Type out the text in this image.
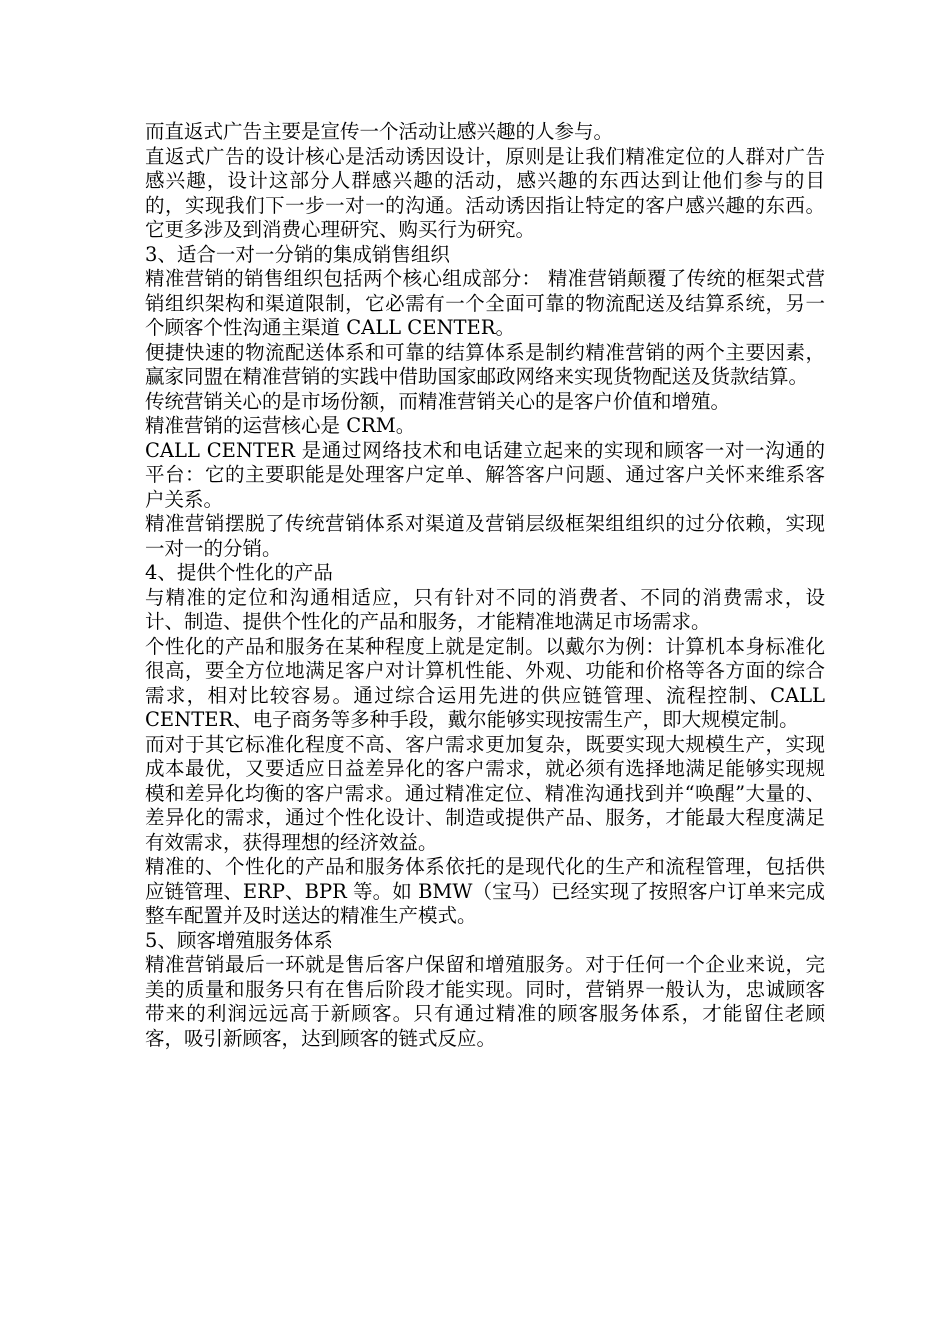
而直返式广告主要是宣传一个活动让感兴趣的人参与。

直返式广告的设计核心是活动诱因设计，原则是让我们精准定位的人群对广告感兴趣，设计这部分人群感兴趣的活动，感兴趣的东西达到让他们参与的目的，实现我们下一步一对一的沟通。活动诱因指让特定的客户感兴趣的东西。它更多涉及到消费心理研究、购买行为研究。

3、适合一对一分销的集成销售组织

精准营销的销售组织包括两个核心组成部分： 精准营销颠覆了传统的框架式营销组织架构和渠道限制，它必需有一个全面可靠的物流配送及结算系统，另一个顾客个性沟通主渠道 CALL CENTER。

便捷快速的物流配送体系和可靠的结算体系是制约精准营销的两个主要因素，赢家同盟在精准营销的实践中借助国家邮政网络来实现货物配送及货款结算。

传统营销关心的是市场份额，而精准营销关心的是客户价值和增殖。

精准营销的运营核心是 CRM。

CALL CENTER 是通过网络技术和电话建立起来的实现和顾客一对一沟通的平台：它的主要职能是处理客户定单、解答客户问题、通过客户关怀来维系客户关系。

精准营销摆脱了传统营销体系对渠道及营销层级框架组组织的过分依赖，实现一对一的分销。

4、提供个性化的产品

与精准的定位和沟通相适应，只有针对不同的消费者、不同的消费需求，设计、制造、提供个性化的产品和服务，才能精准地满足市场需求。

个性化的产品和服务在某种程度上就是定制。以戴尔为例：计算机本身标准化很高，要全方位地满足客户对计算机性能、外观、功能和价格等各方面的综合需求，相对比较容易。通过综合运用先进的供应链管理、流程控制、CALL CENTER、电子商务等多种手段，戴尔能够实现按需生产，即大规模定制。

而对于其它标准化程度不高、客户需求更加复杂，既要实现大规模生产，实现成本最优，又要适应日益差异化的客户需求，就必须有选择地满足能够实现规模和差异化均衡的客户需求。通过精准定位、精准沟通找到并“唤醒”大量的、差异化的需求，通过个性化设计、制造或提供产品、服务，才能最大程度满足有效需求，获得理想的经济效益。

精准的、个性化的产品和服务体系依托的是现代化的生产和流程管理，包括供应链管理、ERP、BPR 等。如 BMW（宝马）已经实现了按照客户订单来完成整车配置并及时送达的精准生产模式。

5、顾客增殖服务体系

精准营销最后一环就是售后客户保留和增殖服务。对于任何一个企业来说，完美的质量和服务只有在售后阶段才能实现。同时，营销界一般认为，忠诚顾客带来的利润远远高于新顾客。只有通过精准的顾客服务体系，才能留住老顾客，吸引新顾客，达到顾客的链式反应。
